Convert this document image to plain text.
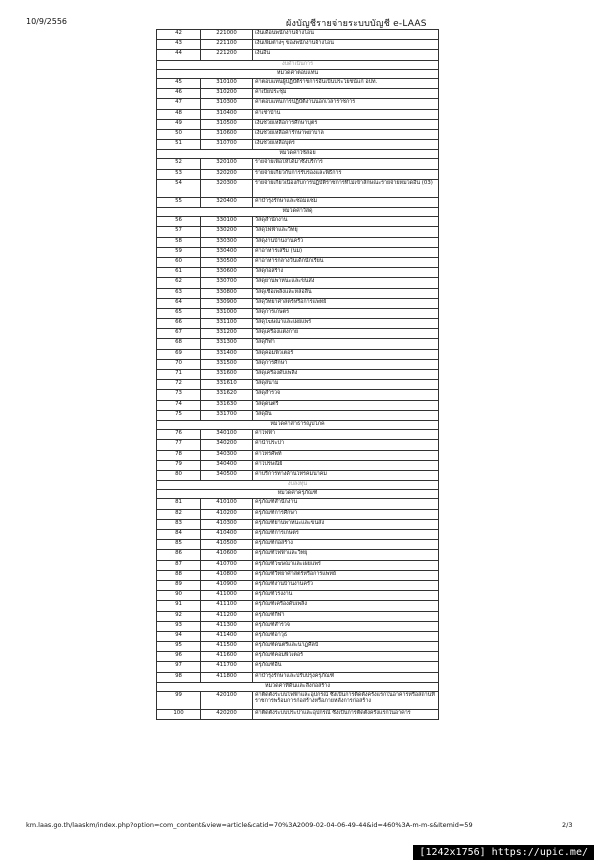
10/9/2556	ผังบัญชีรายจ่ายระบบบัญชี e-LAAS
42	221000	เงินเดือนพนักงานจ้างโอน
43	221100	เงินเพิ่มต่างๆ ของพนักงานจ้างโอน
44	221200	เงินอื่น
งบดำเนินการ		
หมวดค่าตอบแทน		
45	310100	ค่าตอบแทนผู้ปฏิบัติราชการอันเป็นประโยชน์แก่ อปท.
46	310200	ค่าเบี้ยประชุม
47	310300	ค่าตอบแทนการปฏิบัติงานนอกเวลาราชการ
48	310400	ค่าเช่าบ้าน
49	310500	เงินช่วยเหลือการศึกษาบุตร
50	310600	เงินช่วยเหลือค่ารักษาพยาบาล
51	310700	เงินช่วยเหลือบุตร
หมวดค่าใช้สอย		
52	320100	รายจ่ายเพื่อให้ได้มาซึ่งบริการ
53	320200	รายจ่ายเกี่ยวกับการรับรองและพิธีการ
54	320300	รายจ่ายเกี่ยวเนื่องกับการปฏิบัติราชการที่ไม่เข้าลักษณะรายจ่ายหมวดอื่น (03)
55	320400	ค่าบำรุงรักษาและซ่อมแซม
หมวดค่าวัสดุ		
56	330100	วัสดุสำนักงาน
57	330200	วัสดุไฟฟ้าและวิทยุ
58	330300	วัสดุงานบ้านงานครัว
59	330400	ค่าอาหารเสริม (นม)
60	330500	ค่าอาหารกลางวันเด็กนักเรียน
61	330600	วัสดุก่อสร้าง
62	330700	วัสดุยานพาหนะและขนส่ง
63	330800	วัสดุเชื้อเพลิงและหล่อลื่น
64	330900	วัสดุวิทยาศาสตร์หรือการแพทย์
65	331000	วัสดุการเกษตร
66	331100	วัสดุโฆษณาและเผยแพร่
67	331200	วัสดุเครื่องแต่งกาย
68	331300	วัสดุกีฬา
69	331400	วัสดุคอมพิวเตอร์
70	331500	วัสดุการศึกษา
71	331600	วัสดุเครื่องดับเพลิง
72	331610	วัสดุสนาม
73	331620	วัสดุสำรวจ
74	331630	วัสดุดนตรี
75	331700	วัสดุอื่น
หมวดค่าสาธารณูปโภค		
76	340100	ค่าไฟฟ้า
77	340200	ค่าน้ำประปา
78	340300	ค่าโทรศัพท์
79	340400	ค่าไปรษณีย์
80	340500	ค่าบริการทางด้านโทรคมนาคม
งบลงทุน		
หมวดค่าครุภัณฑ์		
81	410100	ครุภัณฑ์สำนักงาน
82	410200	ครุภัณฑ์การศึกษา
83	410300	ครุภัณฑ์ยานพาหนะและขนส่ง
84	410400	ครุภัณฑ์การเกษตร
85	410500	ครุภัณฑ์ก่อสร้าง
86	410600	ครุภัณฑ์ไฟฟ้าและวิทยุ
87	410700	ครุภัณฑ์โฆษณาและเผยแพร่
88	410800	ครุภัณฑ์วิทยาศาสตร์หรือการแพทย์
89	410900	ครุภัณฑ์งานบ้านงานครัว
90	411000	ครุภัณฑ์โรงงาน
91	411100	ครุภัณฑ์เครื่องดับเพลิง
92	411200	ครุภัณฑ์กีฬา
93	411300	ครุภัณฑ์สำรวจ
94	411400	ครุภัณฑ์อาวุธ
95	411500	ครุภัณฑ์ดนตรีและนาฏศิลป์
96	411600	ครุภัณฑ์คอมพิวเตอร์
97	411700	ครุภัณฑ์อื่น
98	411800	ค่าบำรุงรักษาและปรับปรุงครุภัณฑ์
หมวดค่าที่ดินและสิ่งก่อสร้าง		
99	420100	ค่าติดตั้งระบบไฟฟ้าและอุปกรณ์ ซึ่งเป็นการติดตั้งครั้งแรกในอาคารหรือสถานที่ราชการพร้อมการก่อสร้างหรือภายหลังการก่อสร้าง
100	420200	ค่าติดตั้งระบบประปาและอุปกรณ์ ซึ่งเป็นการติดตั้งครั้งแรกในอาคาร
km.laas.go.th/laaskm/index.php?option=com_content&view=article&catid=70%3A2009-02-04-06-49-44&id=460%3A-m-m-s&Itemid=59	2/3
[1242x1756] https://upic.me/
